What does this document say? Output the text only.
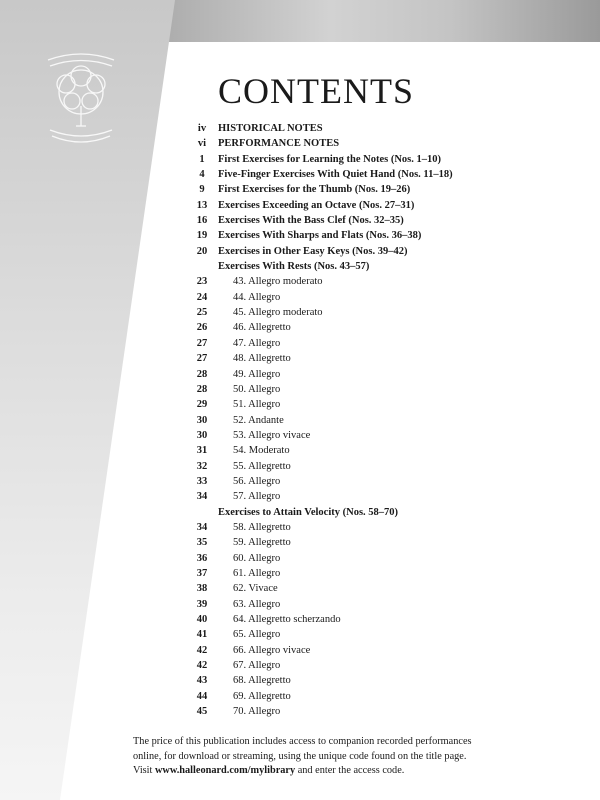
CONTENTS
iv	HISTORICAL NOTES
vi	PERFORMANCE NOTES
1	First Exercises for Learning the Notes (Nos. 1–10)
4	Five-Finger Exercises With Quiet Hand (Nos. 11–18)
9	First Exercises for the Thumb (Nos. 19–26)
13	Exercises Exceeding an Octave (Nos. 27–31)
16	Exercises With the Bass Clef (Nos. 32–35)
19	Exercises With Sharps and Flats (Nos. 36–38)
20	Exercises in Other Easy Keys (Nos. 39–42)
Exercises With Rests (Nos. 43–57)
23	43. Allegro moderato
24	44. Allegro
25	45. Allegro moderato
26	46. Allegretto
27	47. Allegro
27	48. Allegretto
28	49. Allegro
28	50. Allegro
29	51. Allegro
30	52. Andante
30	53. Allegro vivace
31	54. Moderato
32	55. Allegretto
33	56. Allegro
34	57. Allegro
Exercises to Attain Velocity (Nos. 58–70)
34	58. Allegretto
35	59. Allegretto
36	60. Allegro
37	61. Allegro
38	62. Vivace
39	63. Allegro
40	64. Allegretto scherzando
41	65. Allegro
42	66. Allegro vivace
42	67. Allegro
43	68. Allegretto
44	69. Allegretto
45	70. Allegro
The price of this publication includes access to companion recorded performances
online, for download or streaming, using the unique code found on the title page.
Visit www.halleonard.com/mylibrary and enter the access code.
